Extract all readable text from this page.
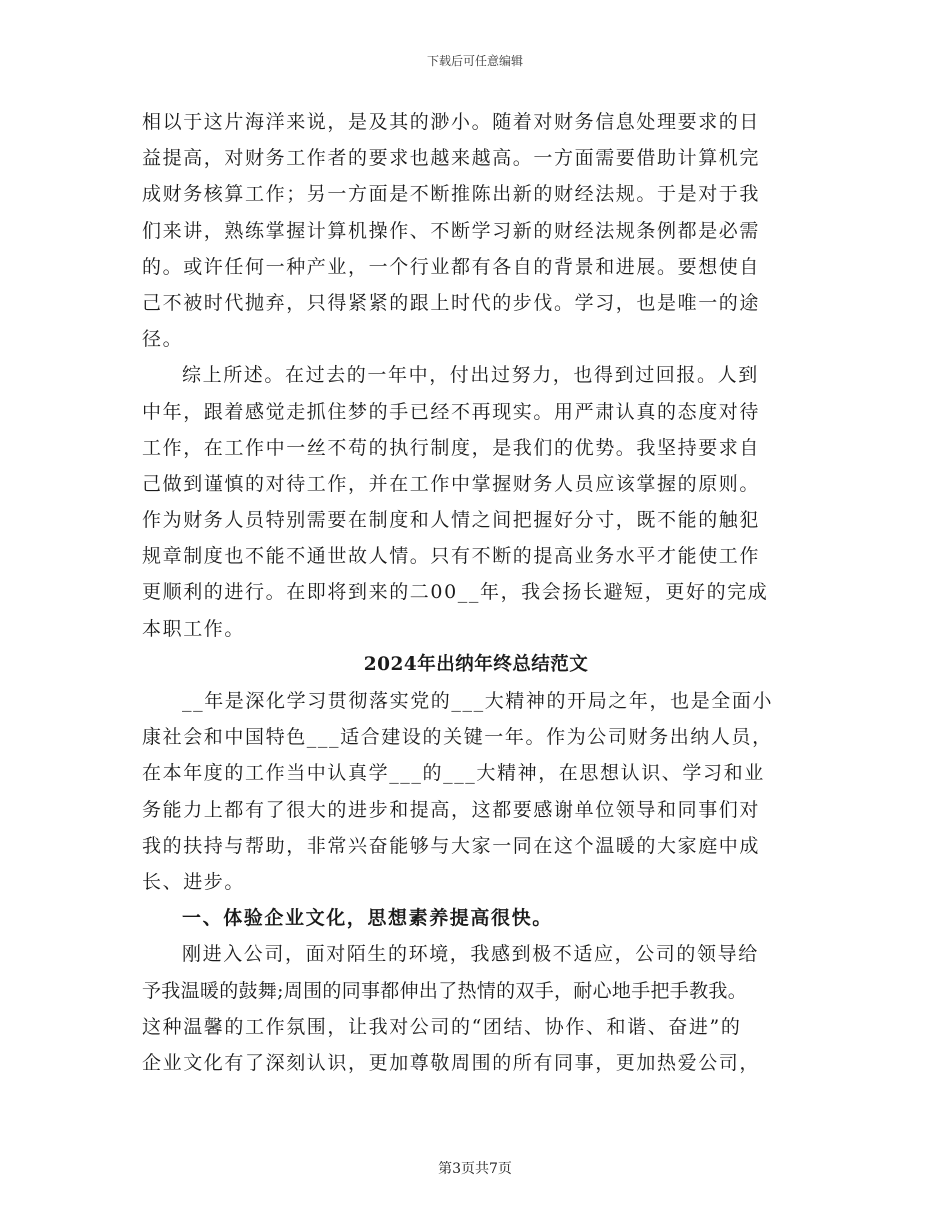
下载后可任意编辑
相以于这片海洋来说，是及其的渺小。随着对财务信息处理要求的日
益提高，对财务工作者的要求也越来越高。一方面需要借助计算机完
成财务核算工作；另一方面是不断推陈出新的财经法规。于是对于我
们来讲，熟练掌握计算机操作、不断学习新的财经法规条例都是必需
的。或许任何一种产业，一个行业都有各自的背景和进展。要想使自
己不被时代抛弃，只得紧紧的跟上时代的步伐。学习，也是唯一的途
径。
综上所述。在过去的一年中，付出过努力，也得到过回报。人到
中年，跟着感觉走抓住梦的手已经不再现实。用严肃认真的态度对待
工作，在工作中一丝不苟的执行制度，是我们的优势。我坚持要求自
己做到谨慎的对待工作，并在工作中掌握财务人员应该掌握的原则。
作为财务人员特别需要在制度和人情之间把握好分寸，既不能的触犯
规章制度也不能不通世故人情。只有不断的提高业务水平才能使工作
更顺利的进行。在即将到来的二00__年，我会扬长避短，更好的完成
本职工作。
2024年出纳年终总结范文
__年是深化学习贯彻落实党的___大精神的开局之年，也是全面小
康社会和中国特色___适合建设的关键一年。作为公司财务出纳人员，
在本年度的工作当中认真学___的___大精神，在思想认识、学习和业
务能力上都有了很大的进步和提高，这都要感谢单位领导和同事们对
我的扶持与帮助，非常兴奋能够与大家一同在这个温暖的大家庭中成
长、进步。
一、体验企业文化，思想素养提高很快。
刚进入公司，面对陌生的环境，我感到极不适应，公司的领导给
予我温暖的鼓舞;周围的同事都伸出了热情的双手，耐心地手把手教我。
这种温馨的工作氛围，让我对公司的“团结、协作、和谐、奋进”的
企业文化有了深刻认识，更加尊敬周围的所有同事，更加热爱公司，
第3页共7页
